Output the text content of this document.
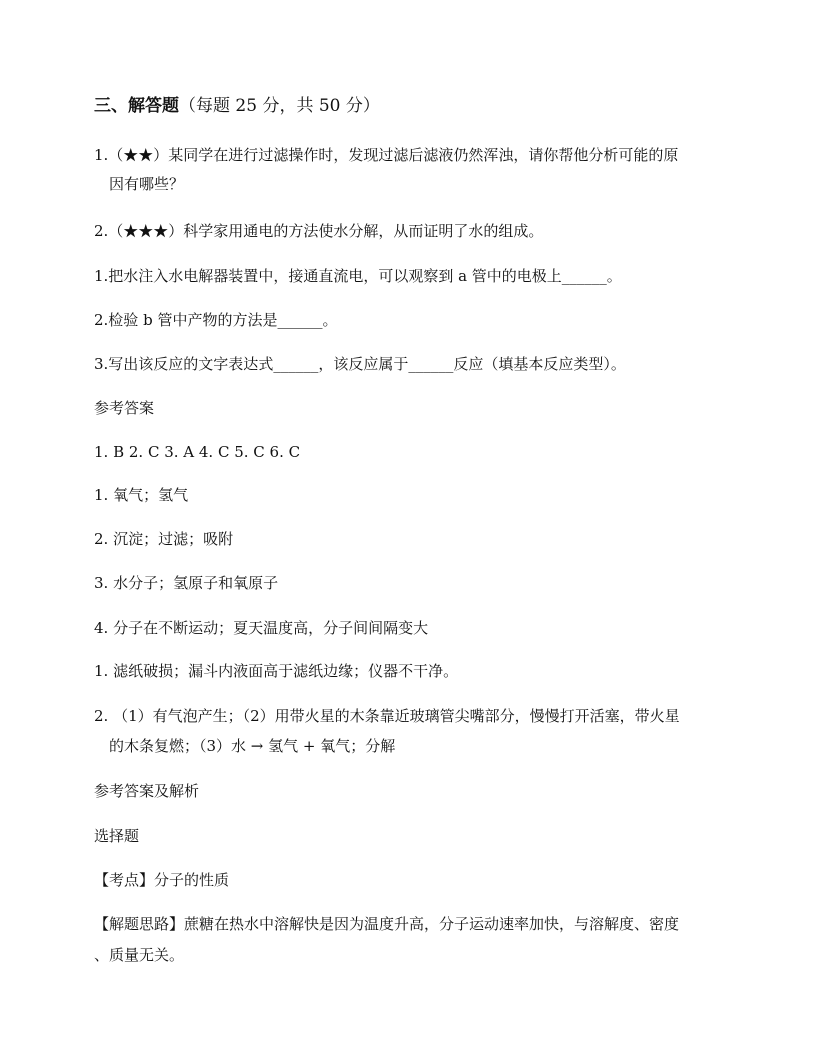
三、解答题（每题 25 分，共 50 分）
1.（★★）某同学在进行过滤操作时，发现过滤后滤液仍然浑浊，请你帮他分析可能的原
因有哪些？
2.（★★★）科学家用通电的方法使水分解，从而证明了水的组成。
1.把水注入水电解器装置中，接通直流电，可以观察到 a 管中的电极上______。
2.检验 b 管中产物的方法是______。
3.写出该反应的文字表达式______，该反应属于______反应（填基本反应类型）。
参考答案
1. B 2. C 3. A 4. C 5. C 6. C
1. 氧气；氢气
2. 沉淀；过滤；吸附
3. 水分子；氢原子和氧原子
4. 分子在不断运动；夏天温度高，分子间间隔变大
1. 滤纸破损；漏斗内液面高于滤纸边缘；仪器不干净。
2. （1）有气泡产生；（2）用带火星的木条靠近玻璃管尖嘴部分，慢慢打开活塞，带火星
的木条复燃；（3）水 → 氢气 + 氧气；分解
参考答案及解析
选择题
【考点】分子的性质
【解题思路】蔗糖在热水中溶解快是因为温度升高，分子运动速率加快，与溶解度、密度
、质量无关。
